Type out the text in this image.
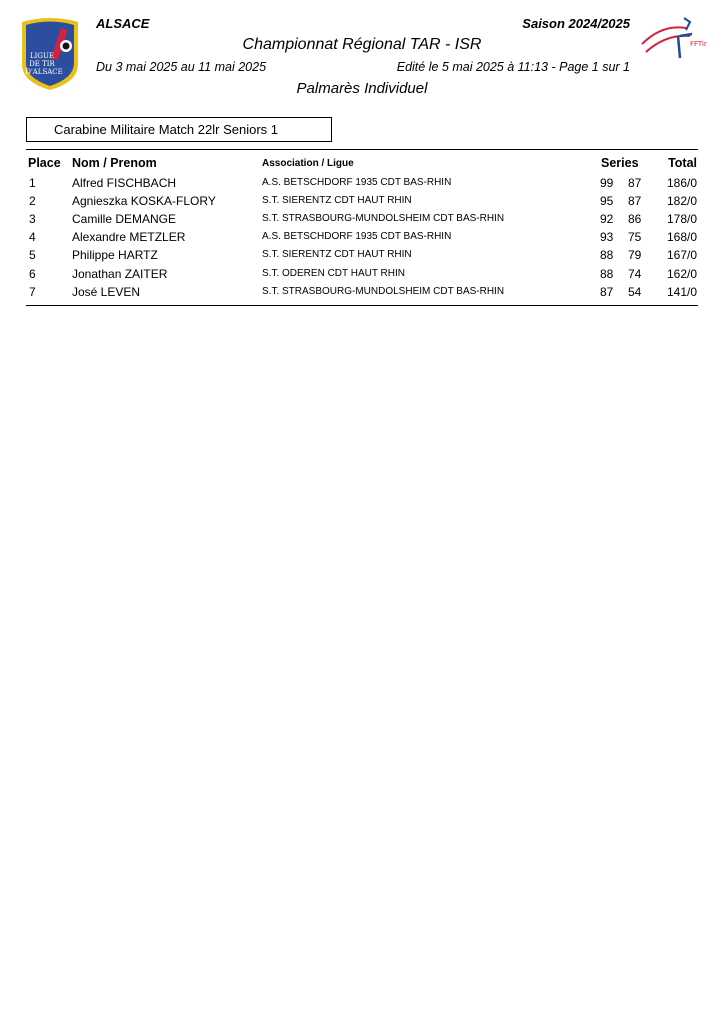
LIGUE
DE TIR
D'ALSACE
FFTir
ALSACE	Saison 2024/2025
Championnat Régional TAR - ISR
Du 3 mai 2025 au 11 mai 2025	Edité le 5 mai 2025 à 11:13 - Page 1 sur 1
Palmarès Individuel
Carabine Militaire Match 22lr Seniors 1
Place Nom / Prenom	Association / Ligue	Series Total
1	Alfred FISCHBACH	A.S. BETSCHDORF 1935 CDT BAS-RHIN	99 87 186/0
2	Agnieszka KOSKA-FLORY	S.T. SIERENTZ CDT HAUT RHIN	95 87 182/0
3	Camille DEMANGE	S.T. STRASBOURG-MUNDOLSHEIM CDT BAS-RHIN	92 86 178/0
4	Alexandre METZLER	A.S. BETSCHDORF 1935 CDT BAS-RHIN	93 75 168/0
5	Philippe HARTZ	S.T. SIERENTZ CDT HAUT RHIN	88 79 167/0
6	Jonathan ZAITER	S.T. ODEREN CDT HAUT RHIN	88 74 162/0
7	José LEVEN	S.T. STRASBOURG-MUNDOLSHEIM CDT BAS-RHIN	87 54 141/0
